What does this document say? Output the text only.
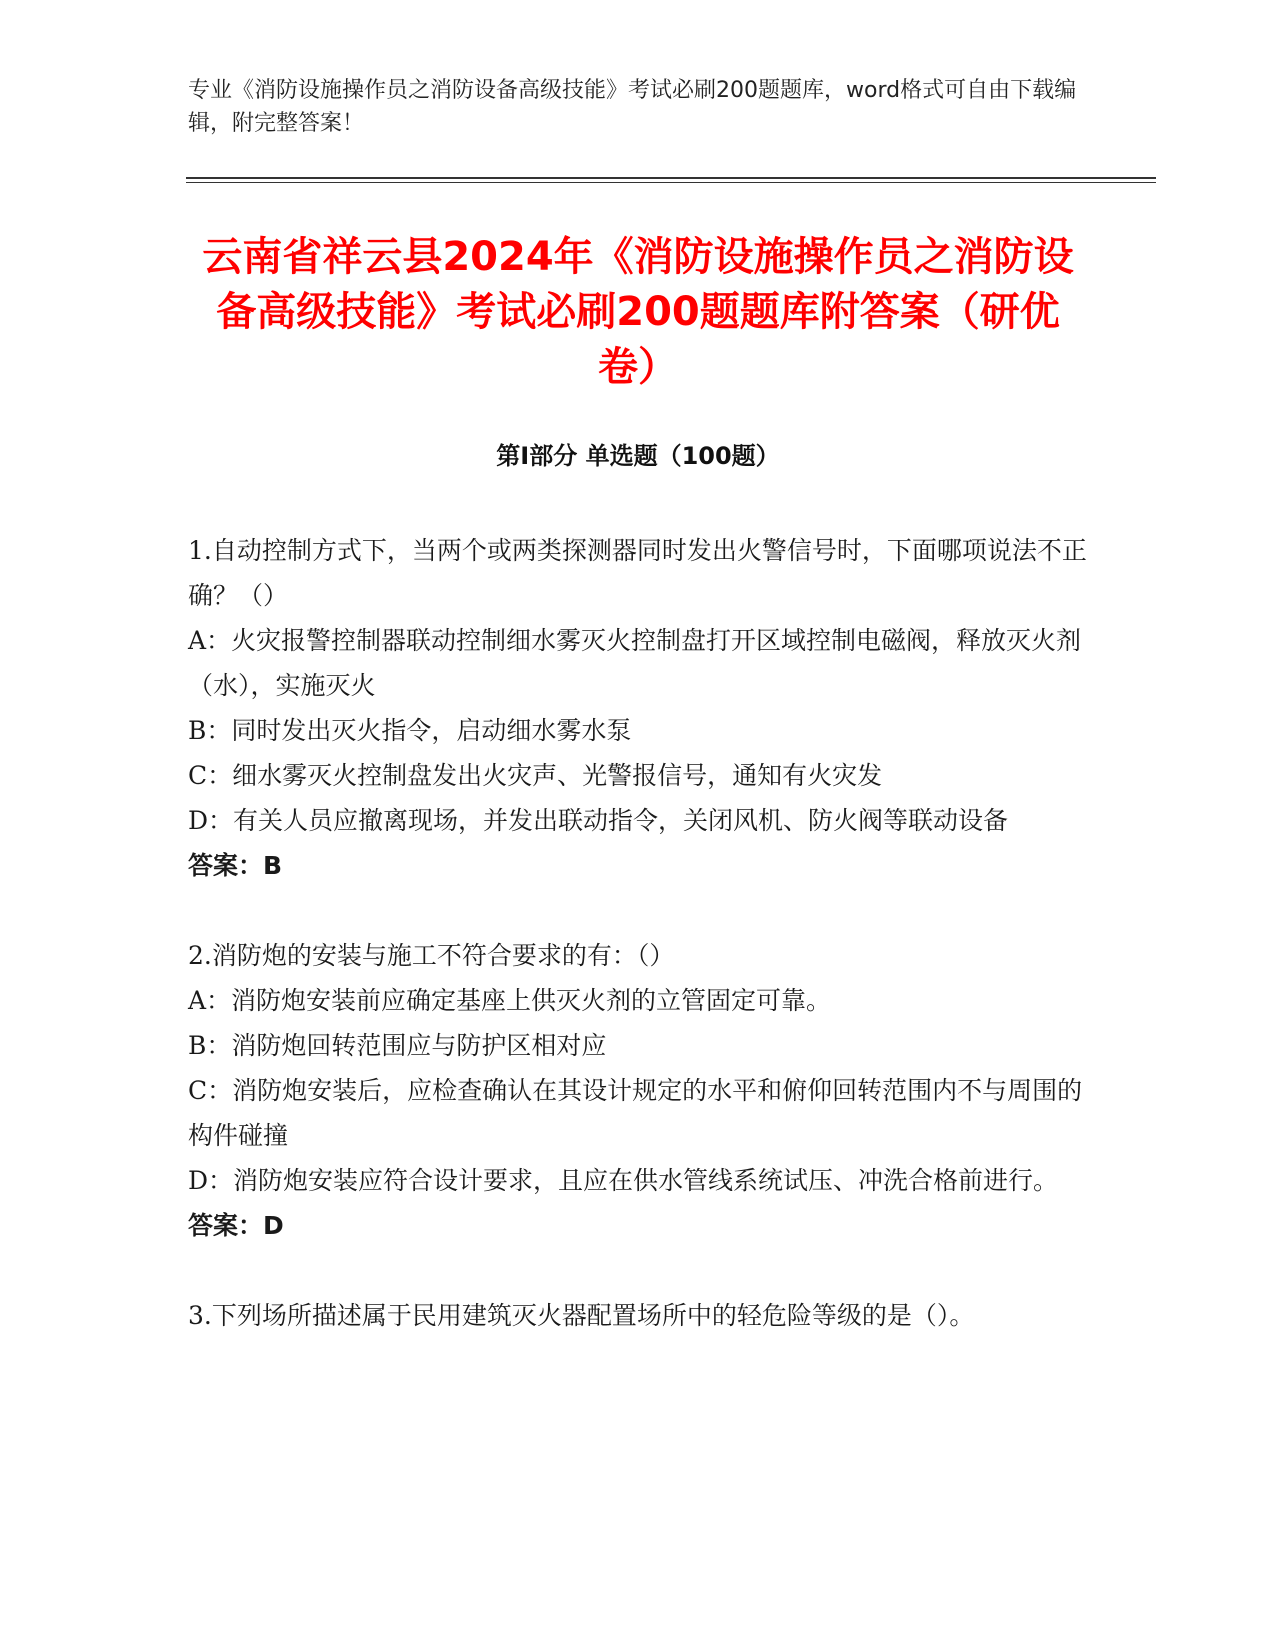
专业《消防设施操作员之消防设备高级技能》考试必刷200题题库，word格式可自由下载编辑，附完整答案！
云南省祥云县2024年《消防设施操作员之消防设备高级技能》考试必刷200题题库附答案（研优卷）
第I部分 单选题（100题）

1.自动控制方式下，当两个或两类探测器同时发出火警信号时，下面哪项说法不正确？（）

A：火灾报警控制器联动控制细水雾灭火控制盘打开区域控制电磁阀，释放灭火剂（水），实施灭火

B：同时发出灭火指令，启动细水雾水泵

C：细水雾灭火控制盘发出火灾声、光警报信号，通知有火灾发

D：有关人员应撤离现场，并发出联动指令，关闭风机、防火阀等联动设备

答案：B

2.消防炮的安装与施工不符合要求的有：（）

A：消防炮安装前应确定基座上供灭火剂的立管固定可靠。

B：消防炮回转范围应与防护区相对应

C：消防炮安装后，应检查确认在其设计规定的水平和俯仰回转范围内不与周围的构件碰撞

D：消防炮安装应符合设计要求，且应在供水管线系统试压、冲洗合格前进行。

答案：D

3.下列场所描述属于民用建筑灭火器配置场所中的轻危险等级的是（）。
